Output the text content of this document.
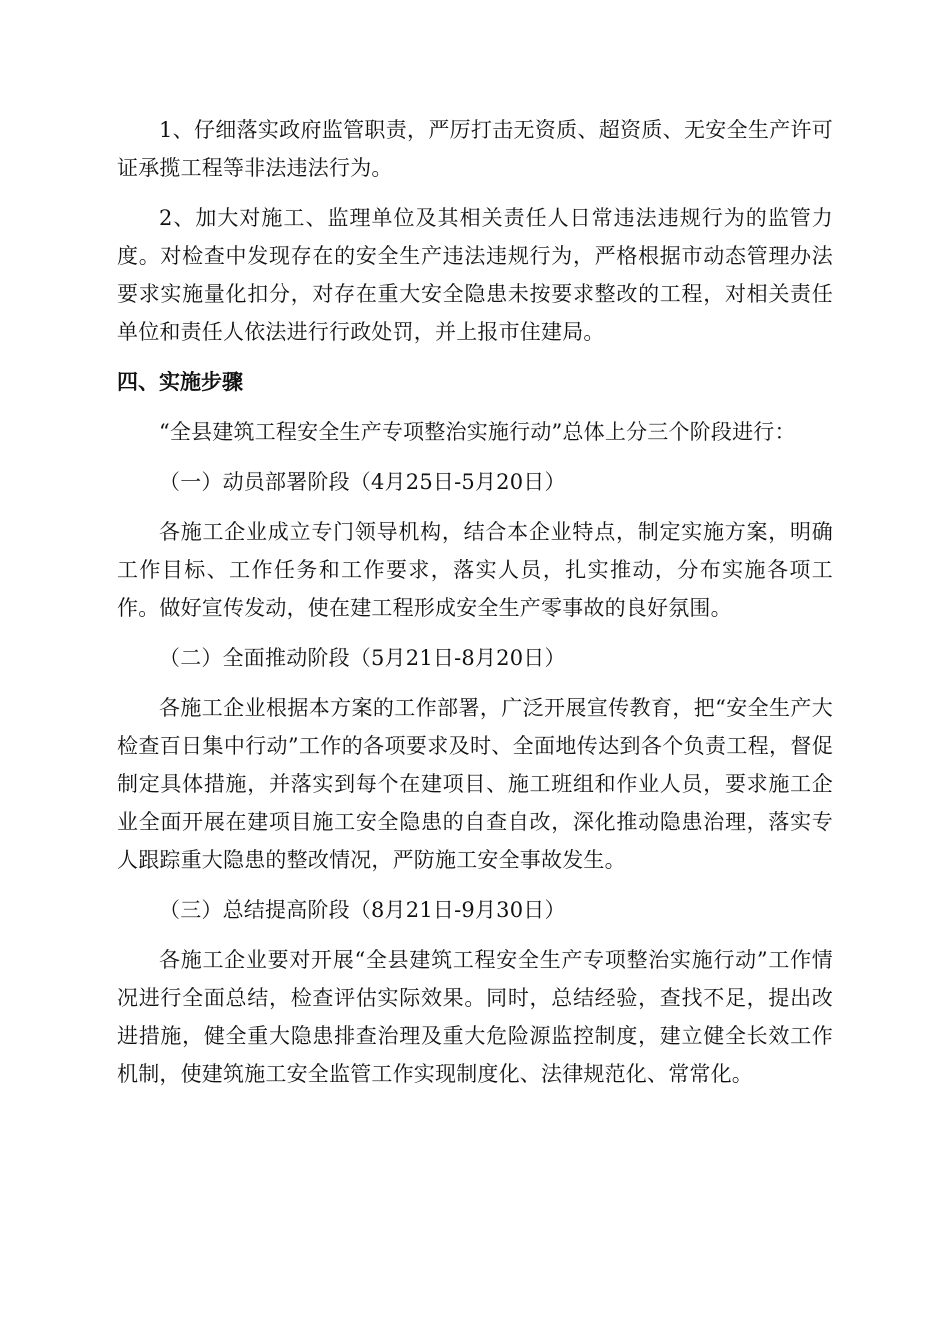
1、仔细落实政府监管职责，严厉打击无资质、超资质、无安全生产许可证承揽工程等非法违法行为。

2、加大对施工、监理单位及其相关责任人日常违法违规行为的监管力度。对检查中发现存在的安全生产违法违规行为，严格根据市动态管理办法要求实施量化扣分，对存在重大安全隐患未按要求整改的工程，对相关责任单位和责任人依法进行行政处罚，并上报市住建局。

四、实施步骤

“全县建筑工程安全生产专项整治实施行动”总体上分三个阶段进行：

（一）动员部署阶段（4月25日-5月20日）

各施工企业成立专门领导机构，结合本企业特点，制定实施方案，明确工作目标、工作任务和工作要求，落实人员，扎实推动，分布实施各项工作。做好宣传发动，使在建工程形成安全生产零事故的良好氛围。

（二）全面推动阶段（5月21日-8月20日）

各施工企业根据本方案的工作部署，广泛开展宣传教育，把“安全生产大检查百日集中行动”工作的各项要求及时、全面地传达到各个负责工程，督促制定具体措施，并落实到每个在建项目、施工班组和作业人员，要求施工企业全面开展在建项目施工安全隐患的自查自改，深化推动隐患治理，落实专人跟踪重大隐患的整改情况，严防施工安全事故发生。

（三）总结提高阶段（8月21日-9月30日）

各施工企业要对开展“全县建筑工程安全生产专项整治实施行动”工作情况进行全面总结，检查评估实际效果。同时，总结经验，查找不足，提出改进措施，健全重大隐患排查治理及重大危险源监控制度，建立健全长效工作机制，使建筑施工安全监管工作实现制度化、法律规范化、常常化。
